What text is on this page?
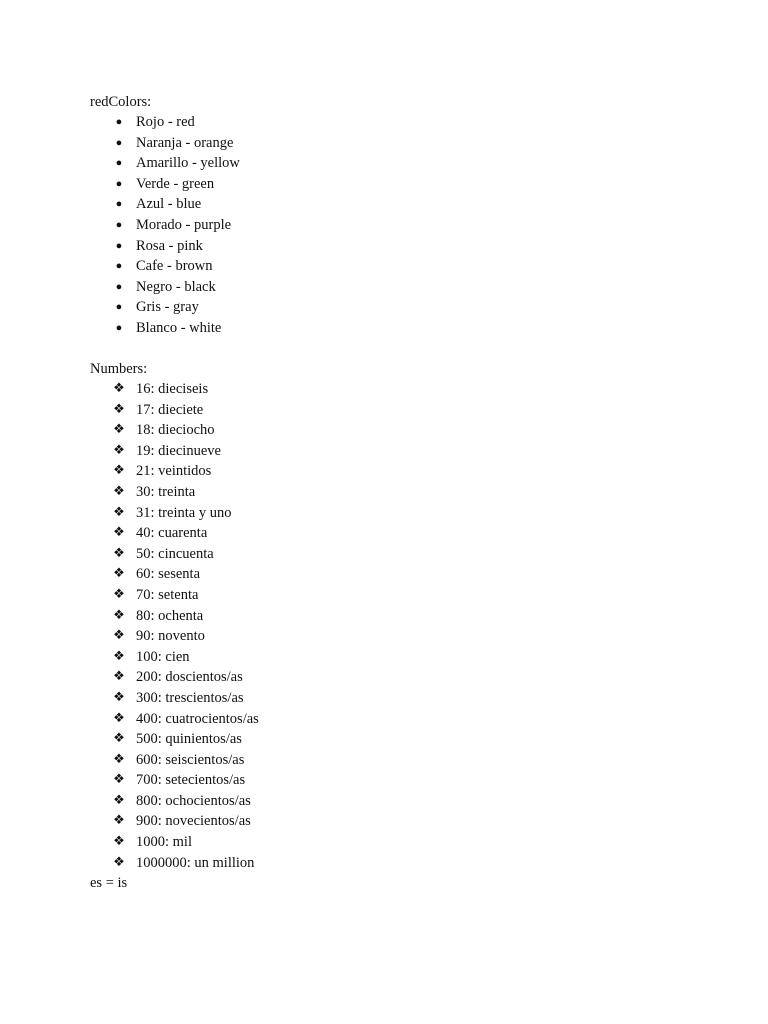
redColors:
● Rojo - red
● Naranja - orange
● Amarillo - yellow
● Verde - green
● Azul - blue
● Morado - purple
● Rosa - pink
● Cafe - brown
● Negro - black
● Gris - gray
● Blanco - white
Numbers:
❖ 16: dieciseis
❖ 17: dieciete
❖ 18: dieciocho
❖ 19: diecinueve
❖ 21: veintidos
❖ 30: treinta
❖ 31: treinta y uno
❖ 40: cuarenta
❖ 50: cincuenta
❖ 60: sesenta
❖ 70: setenta
❖ 80: ochenta
❖ 90: novento
❖ 100: cien
❖ 200: doscientos/as
❖ 300: trescientos/as
❖ 400: cuatrocientos/as
❖ 500: quinientos/as
❖ 600: seiscientos/as
❖ 700: setecientos/as
❖ 800: ochocientos/as
❖ 900: novecientos/as
❖ 1000: mil
❖ 1000000: un million
es = is
